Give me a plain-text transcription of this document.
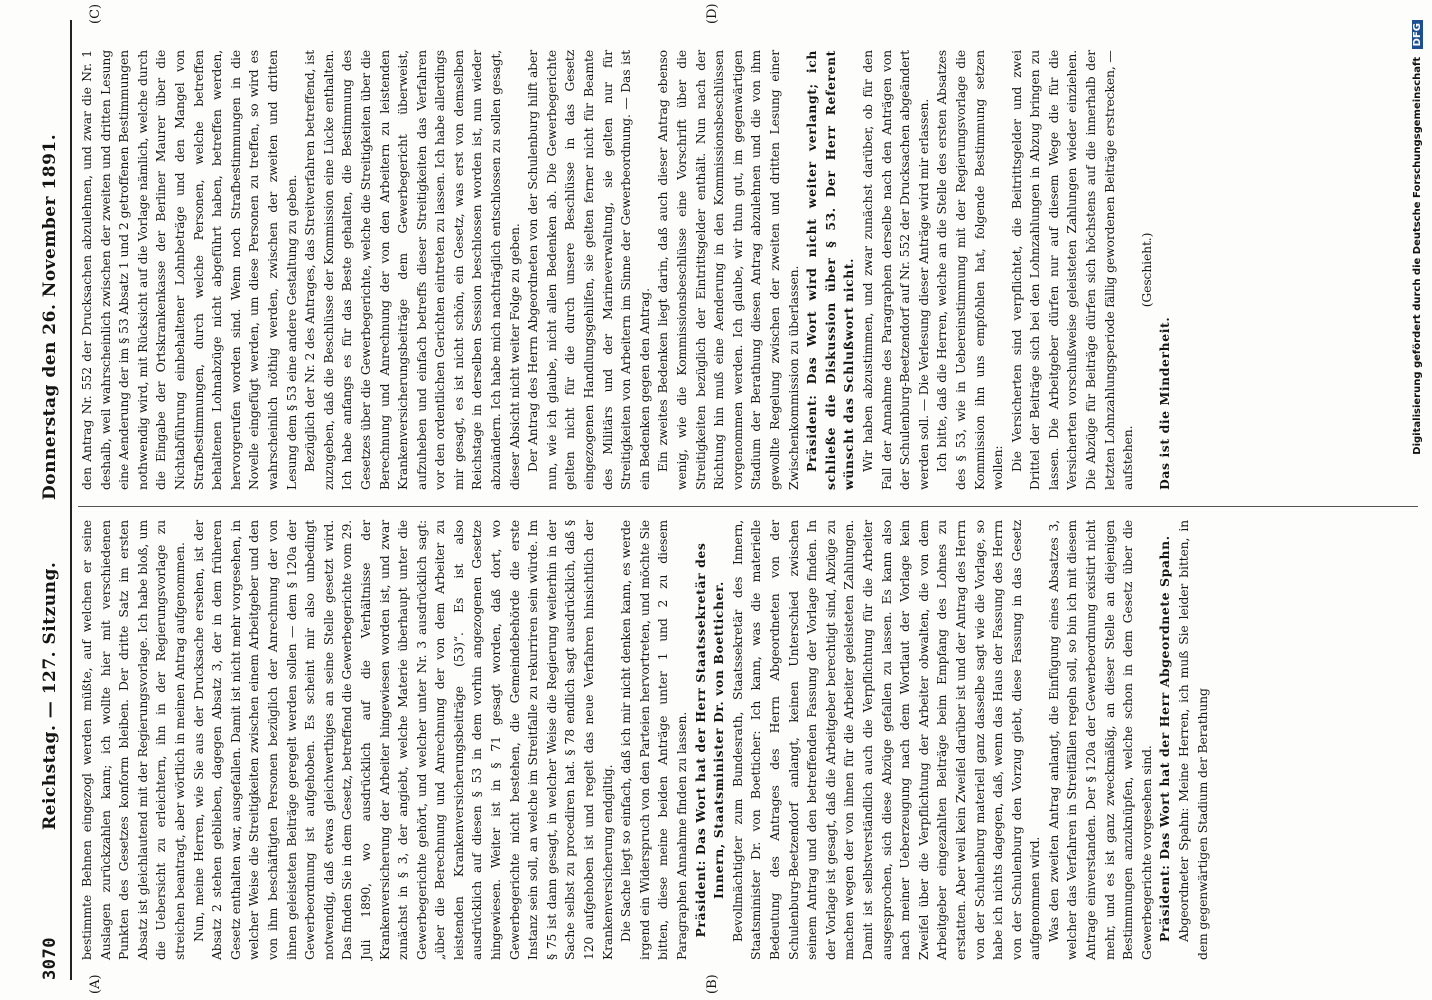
3070
Reichstag. — 127. Sitzung.
Donnerstag den 26. November 1891.
(A)	(B)
(C)	(D)

bestimmte Behnen eingezogl werden müßte, auf welchen er seine Auslagen zurückzahlen kann; ich wollte hier mit verschiedenen Punkten des Gesetzes konform bleiben. Der dritte Satz im ersten Absatz ist gleichlautend mit der Regierungsvorlage. Ich habe bloß, um die Uebersicht zu erleichtern, ihn in der Regierungsvorlage zu streichen beantragt, aber wörtlich in meinen Antrag aufgenommen. Nun, meine Herren, wie Sie aus der Drucksache ersehen, ist der Absatz 2 stehen geblieben, dagegen Absatz 3, der in dem früheren Gesetz enthalten war, ausgefallen. Damit ist nicht mehr vorgesehen, in welcher Weise die Streitigkeiten zwischen einem Arbeitgeber und den von ihm beschäftigten Personen bezüglich der Anrechnung der von ihnen geleisteten Beiträge geregelt werden sollen — dem § 120a der Gewerbeordnung ist aufgehoben. Es scheint mir also unbedingt notwendig, daß etwas gleichwerthiges an seine Stelle gesetzt wird. Das finden Sie in dem Gesetz, betreffend die Gewerbegerichte vom 29. Juli 1890, wo ausdrücklich auf die Verhältnisse der Krankenversicherung der Arbeiter hingewiesen worden ist, und zwar zunächst in § 3, der angiebt, welche Materie überhaupt unter die Gewerbegerichte gehört, und welcher unter Nr. 3 ausdrücklich sagt: „über die Berechnung und Anrechnung der von dem Arbeiter zu leistenden Krankenversicherungsbeiträge (53)“. Es ist also ausdrücklich auf diesen § 53 in dem vorhin angezogenen Gesetze hingewiesen. Weiter ist in § 71 gesagt worden, daß dort, wo Gewerbegerichte nicht bestehen, die Gemeindebehörde die erste Instanz sein soll, an welche im Streitfalle zu rekurriren sein würde. Im § 75 ist dann gesagt, in welcher Weise die Regierung weiterhin in der Sache selbst zu procediren hat. § 78 endlich sagt ausdrücklich, daß § 120 aufgehoben ist und regelt das neue Verfahren hinsichtlich der Krankenversicherung endgiltig. Die Sache liegt so einfach, daß ich mir nicht denken kann, es werde irgend ein Widerspruch von den Parteien hervortreten, und möchte Sie bitten, diese meine beiden Anträge unter 1 und 2 zu diesem Paragraphen Annahme finden zu lassen. Präsident: Das Wort hat der Herr Staatssekretär des Innern, Staatsminister Dr. von Boetticher. Bevollmächtigter zum Bundesrath, Staatssekretär des Innern, Staatsminister Dr. von Boetticher: Ich kann, was die materielle Bedeutung des Antrages des Herrn Abgeordneten von der Schulenburg-Beetzendorf anlangt, keinen Unterschied zwischen seinem Antrag und den betreffenden Fassung der Vorlage finden. In der Vorlage ist gesagt, daß die Arbeitgeber berechtigt sind, Abzüge zu machen wegen der von ihnen für die Arbeiter geleisteten Zahlungen. Damit ist selbstverständlich auch die Verpflichtung für die Arbeiter ausgesprochen, sich diese Abzüge gefallen zu lassen. Es kann also nach meiner Ueberzeugung nach dem Wortlaut der Vorlage kein Zweifel über die Verpflichtung der Arbeiter obwalten, die von dem Arbeitgeber eingezahlten Beiträge beim Empfang des Lohnes zu erstatten. Aber weil kein Zweifel darüber ist und der Antrag des Herrn von der Schulenburg materiell ganz dasselbe sagt wie die Vorlage, so habe ich nichts dagegen, daß, wenn das Haus der Fassung des Herrn von der Schulenburg den Vorzug giebt, diese Fassung in das Gesetz aufgenommen wird. Was den zweiten Antrag anlangt, die Einfügung eines Absatzes 3, welcher das Verfahren in Streitfällen regeln soll, so bin ich mit diesem Antrage einverstanden. Der § 120a der Gewerbeordnung existirt nicht mehr, und es ist ganz zweckmäßig, an dieser Stelle an diejenigen Bestimmungen anzuknüpfen, welche schon in dem Gesetz über die Gewerbegerichte vorgesehen sind. Präsident: Das Wort hat der Herr Abgeordnete Spahn. Abgeordneter Spahn: Meine Herren, ich muß Sie leider bitten, in dem gegenwärtigen Stadium der Berathung

den Antrag Nr. 552 der Drucksachen abzulehnen, und zwar die Nr. 1 deshalb, weil wahrscheinlich zwischen der zweiten und dritten Lesung eine Aenderung der im § 53 Absatz 1 und 2 getroffenen Bestimmungen nothwendig wird, mit Rücksicht auf die Vorlage nämlich, welche durch die Eingabe der Ortskrankenkasse der Berliner Maurer über die Nichtabführung einbehaltener Lohnbeträge und den Mangel von Strafbestimmungen, durch welche Personen, welche betreffen behaltenen Lohnabzüge nicht abgeführt haben, betreffen werden, hervorgerufen worden sind. Wenn noch Strafbestimmungen in die Novelle eingefügt werden, um diese Personen zu treffen, so wird es wahrscheinlich nöthig werden, zwischen der zweiten und dritten Lesung dem § 53 eine andere Gestaltung zu geben. Bezüglich der Nr. 2 des Antrages, das Streitverfahren betreffend, ist zuzugeben, daß die Beschlüsse der Kommission eine Lücke enthalten. Ich habe anfangs es für das Beste gehalten, die Bestimmung des Gesetzes über die Gewerbegerichte, welche die Streitigkeiten über die Berechnung und Anrechnung der von den Arbeitern zu leistenden Krankenversicherungsbeiträge dem Gewerbegericht überweist, aufzuheben und einfach betreffs dieser Streitigkeiten das Verfahren vor den ordentlichen Gerichten eintreten zu lassen. Ich habe allerdings mir gesagt, es ist nicht schön, ein Gesetz, was erst von demselben Reichstage in derselben Session beschlossen worden ist, nun wieder abzuändern. Ich habe mich nachträglich entschlossen zu sollen gesagt, dieser Absicht nicht weiter Folge zu geben. Der Antrag des Herrn Abgeordneten von der Schulenburg hilft aber nun, wie ich glaube, nicht allen Bedenken ab. Die Gewerbegerichte gelten nicht für die durch unsere Beschlüsse in das Gesetz eingezogenen Handlungsgehilfen, sie gelten ferner nicht für Beamte des Militärs und der Marineverwaltung, sie gelten nur für Streitigkeiten von Arbeitern im Sinne der Gewerbeordnung. — Das ist ein Bedenken gegen den Antrag. Ein zweites Bedenken liegt darin, daß auch dieser Antrag ebenso wenig, wie die Kommissionsbeschlüsse eine Vorschrift über die Streitigkeiten bezüglich der Eintrittsgelder enthält. Nun nach der Richtung hin muß eine Aenderung in den Kommissionsbeschlüssen vorgenommen werden. Ich glaube, wir thun gut, im gegenwärtigen Stadium der Berathung diesen Antrag abzulehnen und die von ihm gewollte Regelung zwischen der zweiten und dritten Lesung einer Zwischenkommission zu überlassen. Präsident: Das Wort wird nicht weiter verlangt; ich schließe die Diskussion über § 53. Der Herr Referent wünscht das Schlußwort nicht. Wir haben abzustimmen, und zwar zunächst darüber, ob für den Fall der Annahme des Paragraphen derselbe nach den Anträgen von der Schulenburg-Beetzendorf auf Nr. 552 der Drucksachen abgeändert werden soll. — Die Verlesung dieser Anträge wird mir erlassen. Ich bitte, daß die Herren, welche an die Stelle des ersten Absatzes des § 53, wie in Uebereinstimmung mit der Regierungsvorlage die Kommission ihn uns empfohlen hat, folgende Bestimmung setzen wollen: Die Versicherten sind verpflichtet, die Beitrittsgelder und zwei Drittel der Beiträge sich bei den Lohnzahlungen in Abzug bringen zu lassen. Die Arbeitgeber dürfen nur auf diesem Wege die für die Versicherten vorschußweise geleisteten Zahlungen wieder einziehen. Die Abzüge für Beiträge dürfen sich höchstens auf die innerhalb der letzten Lohnzahlungsperiode fällig gewordenen Beiträge erstrecken, — aufstehen.

(Geschieht.)

Das ist die Minderheit.	Digitalisierung gefördert durch die Deutsche Forschungsgemeinschaft DFG
